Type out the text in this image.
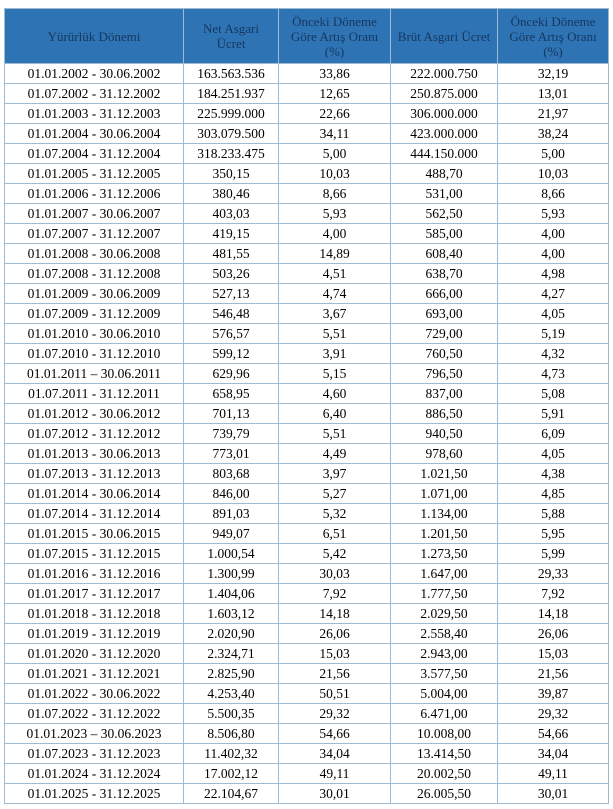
Yürürlük Dönemi	Net Asgari Ücret	Önceki Döneme Göre Artış Oranı (%)	Brüt Asgari Ücret	Önceki Döneme Göre Artış Oranı (%)
01.01.2002 - 30.06.2002	163.563.536	33,86	222.000.750	32,19
01.07.2002 - 31.12.2002	184.251.937	12,65	250.875.000	13,01
01.01.2003 - 31.12.2003	225.999.000	22,66	306.000.000	21,97
01.01.2004 - 30.06.2004	303.079.500	34,11	423.000.000	38,24
01.07.2004 - 31.12.2004	318.233.475	5,00	444.150.000	5,00
01.01.2005 - 31.12.2005	350,15	10,03	488,70	10,03
01.01.2006 - 31.12.2006	380,46	8,66	531,00	8,66
01.01.2007 - 30.06.2007	403,03	5,93	562,50	5,93
01.07.2007 - 31.12.2007	419,15	4,00	585,00	4,00
01.01.2008 - 30.06.2008	481,55	14,89	608,40	4,00
01.07.2008 - 31.12.2008	503,26	4,51	638,70	4,98
01.01.2009 - 30.06.2009	527,13	4,74	666,00	4,27
01.07.2009 - 31.12.2009	546,48	3,67	693,00	4,05
01.01.2010 - 30.06.2010	576,57	5,51	729,00	5,19
01.07.2010 - 31.12.2010	599,12	3,91	760,50	4,32
01.01.2011 – 30.06.2011	629,96	5,15	796,50	4,73
01.07.2011 - 31.12.2011	658,95	4,60	837,00	5,08
01.01.2012 - 30.06.2012	701,13	6,40	886,50	5,91
01.07.2012 - 31.12.2012	739,79	5,51	940,50	6,09
01.01.2013 - 30.06.2013	773,01	4,49	978,60	4,05
01.07.2013 - 31.12.2013	803,68	3,97	1.021,50	4,38
01.01.2014 - 30.06.2014	846,00	5,27	1.071,00	4,85
01.07.2014 - 31.12.2014	891,03	5,32	1.134,00	5,88
01.01.2015 - 30.06.2015	949,07	6,51	1.201,50	5,95
01.07.2015 - 31.12.2015	1.000,54	5,42	1.273,50	5,99
01.01.2016 - 31.12.2016	1.300,99	30,03	1.647,00	29,33
01.01.2017 - 31.12.2017	1.404,06	7,92	1.777,50	7,92
01.01.2018 - 31.12.2018	1.603,12	14,18	2.029,50	14,18
01.01.2019 - 31.12.2019	2.020,90	26,06	2.558,40	26,06
01.01.2020 - 31.12.2020	2.324,71	15,03	2.943,00	15,03
01.01.2021 - 31.12.2021	2.825,90	21,56	3.577,50	21,56
01.01.2022 - 30.06.2022	4.253,40	50,51	5.004,00	39,87
01.07.2022 - 31.12.2022	5.500,35	29,32	6.471,00	29,32
01.01.2023 – 30.06.2023	8.506,80	54,66	10.008,00	54,66
01.07.2023 - 31.12.2023	11.402,32	34,04	13.414,50	34,04
01.01.2024 - 31.12.2024	17.002,12	49,11	20.002,50	49,11
01.01.2025 - 31.12.2025	22.104,67	30,01	26.005,50	30,01
